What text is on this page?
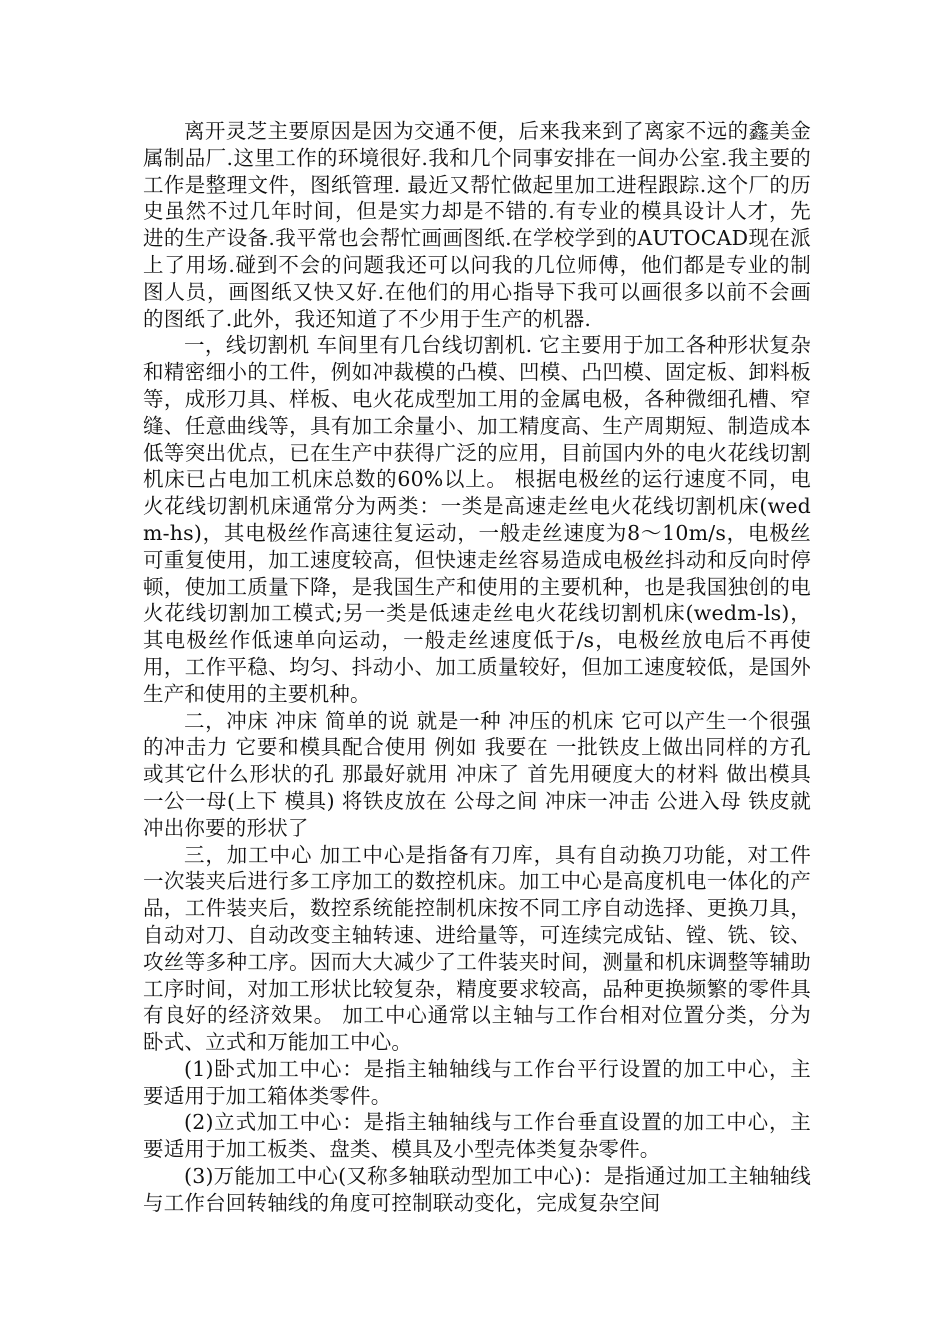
离开灵芝主要原因是因为交通不便，后来我来到了离家不远的鑫美金属制品厂.这里工作的环境很好.我和几个同事安排在一间办公室.我主要的工作是整理文件，图纸管理. 最近又帮忙做起里加工进程跟踪.这个厂的历史虽然不过几年时间，但是实力却是不错的.有专业的模具设计人才，先进的生产设备.我平常也会帮忙画画图纸.在学校学到的AUTOCAD现在派上了用场.碰到不会的问题我还可以问我的几位师傅，他们都是专业的制图人员，画图纸又快又好.在他们的用心指导下我可以画很多以前不会画的图纸了.此外，我还知道了不少用于生产的机器.

一，线切割机 车间里有几台线切割机. 它主要用于加工各种形状复杂和精密细小的工件，例如冲裁模的凸模、凹模、凸凹模、固定板、卸料板等，成形刀具、样板、电火花成型加工用的金属电极，各种微细孔槽、窄缝、任意曲线等，具有加工余量小、加工精度高、生产周期短、制造成本低等突出优点，已在生产中获得广泛的应用，目前国内外的电火花线切割机床已占电加工机床总数的60%以上。 根据电极丝的运行速度不同，电火花线切割机床通常分为两类：一类是高速走丝电火花线切割机床(wedm-hs)，其电极丝作高速往复运动，一般走丝速度为8～10m/s，电极丝可重复使用，加工速度较高，但快速走丝容易造成电极丝抖动和反向时停顿，使加工质量下降，是我国生产和使用的主要机种，也是我国独创的电火花线切割加工模式;另一类是低速走丝电火花线切割机床(wedm-ls)，其电极丝作低速单向运动，一般走丝速度低于/s，电极丝放电后不再使用，工作平稳、均匀、抖动小、加工质量较好，但加工速度较低，是国外生产和使用的主要机种。

二，冲床 冲床 简单的说 就是一种 冲压的机床 它可以产生一个很强的冲击力 它要和模具配合使用 例如 我要在 一批铁皮上做出同样的方孔 或其它什么形状的孔 那最好就用 冲床了 首先用硬度大的材料 做出模具 一公一母(上下 模具) 将铁皮放在 公母之间 冲床一冲击 公进入母 铁皮就冲出你要的形状了

三，加工中心 加工中心是指备有刀库，具有自动换刀功能，对工件一次装夹后进行多工序加工的数控机床。加工中心是高度机电一体化的产品，工件装夹后，数控系统能控制机床按不同工序自动选择、更换刀具，自动对刀、自动改变主轴转速、进给量等，可连续完成钻、镗、铣、铰、攻丝等多种工序。因而大大减少了工件装夹时间，测量和机床调整等辅助工序时间，对加工形状比较复杂，精度要求较高，品种更换频繁的零件具有良好的经济效果。 加工中心通常以主轴与工作台相对位置分类，分为卧式、立式和万能加工中心。

(1)卧式加工中心：是指主轴轴线与工作台平行设置的加工中心，主要适用于加工箱体类零件。

(2)立式加工中心：是指主轴轴线与工作台垂直设置的加工中心，主要适用于加工板类、盘类、模具及小型壳体类复杂零件。

(3)万能加工中心(又称多轴联动型加工中心)：是指通过加工主轴轴线与工作台回转轴线的角度可控制联动变化，完成复杂空间
